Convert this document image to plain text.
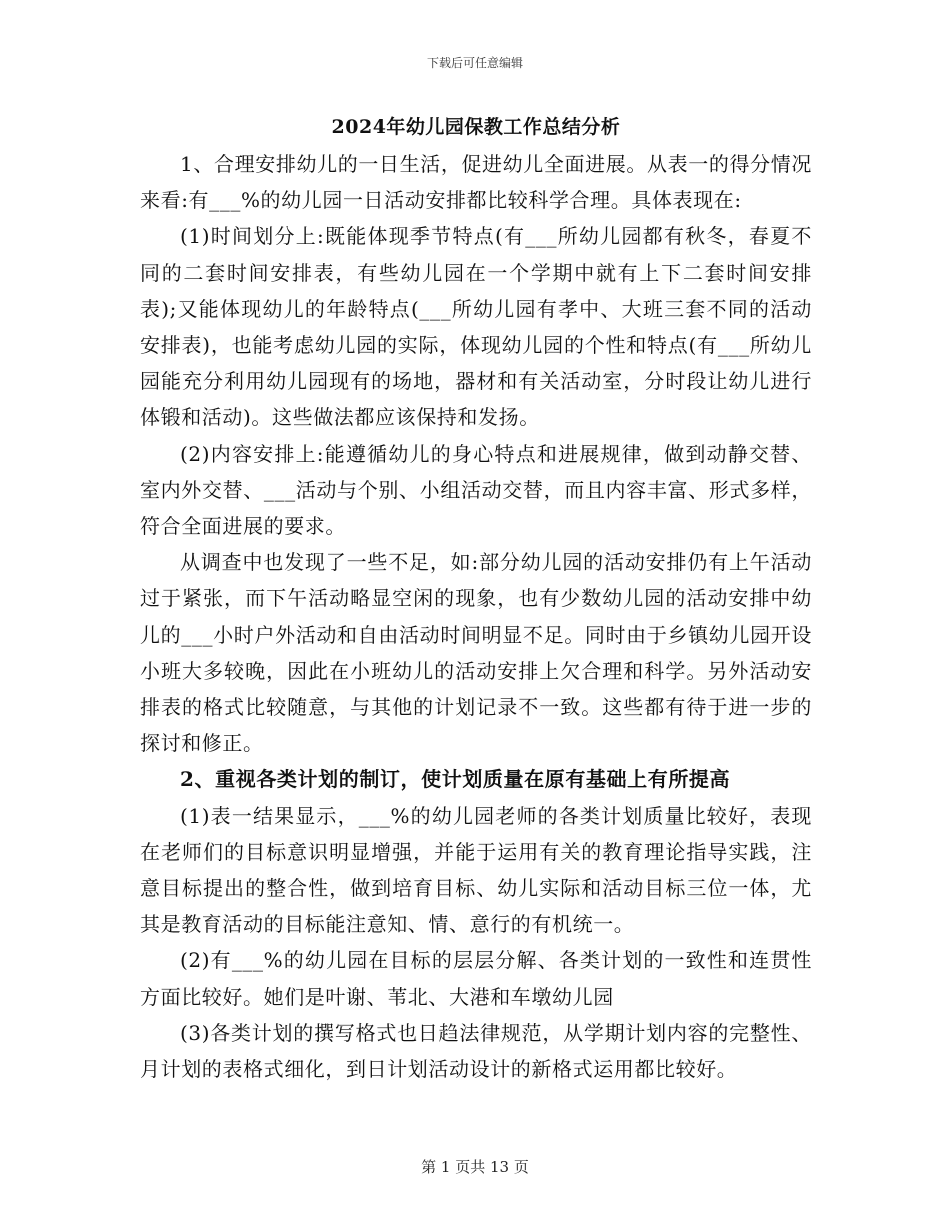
下载后可任意编辑
2024年幼儿园保教工作总结分析

1、合理安排幼儿的一日生活，促进幼儿全面进展。从表一的得分情况来看:有___%的幼儿园一日活动安排都比较科学合理。具体表现在:

(1)时间划分上:既能体现季节特点(有___所幼儿园都有秋冬，春夏不同的二套时间安排表，有些幼儿园在一个学期中就有上下二套时间安排表);又能体现幼儿的年龄特点(___所幼儿园有孝中、大班三套不同的活动安排表)，也能考虑幼儿园的实际，体现幼儿园的个性和特点(有___所幼儿园能充分利用幼儿园现有的场地，器材和有关活动室，分时段让幼儿进行体锻和活动)。这些做法都应该保持和发扬。

(2)内容安排上:能遵循幼儿的身心特点和进展规律，做到动静交替、室内外交替、___活动与个别、小组活动交替，而且内容丰富、形式多样，符合全面进展的要求。

从调查中也发现了一些不足，如:部分幼儿园的活动安排仍有上午活动过于紧张，而下午活动略显空闲的现象，也有少数幼儿园的活动安排中幼儿的___小时户外活动和自由活动时间明显不足。同时由于乡镇幼儿园开设小班大多较晚，因此在小班幼儿的活动安排上欠合理和科学。另外活动安排表的格式比较随意，与其他的计划记录不一致。这些都有待于进一步的探讨和修正。

2、重视各类计划的制订，使计划质量在原有基础上有所提高

(1)表一结果显示，___%的幼儿园老师的各类计划质量比较好，表现在老师们的目标意识明显增强，并能于运用有关的教育理论指导实践，注意目标提出的整合性，做到培育目标、幼儿实际和活动目标三位一体，尤其是教育活动的目标能注意知、情、意行的有机统一。

(2)有___%的幼儿园在目标的层层分解、各类计划的一致性和连贯性方面比较好。她们是叶谢、苇北、大港和车墩幼儿园

(3)各类计划的撰写格式也日趋法律规范，从学期计划内容的完整性、月计划的表格式细化，到日计划活动设计的新格式运用都比较好。

第 1 页共 13 页
